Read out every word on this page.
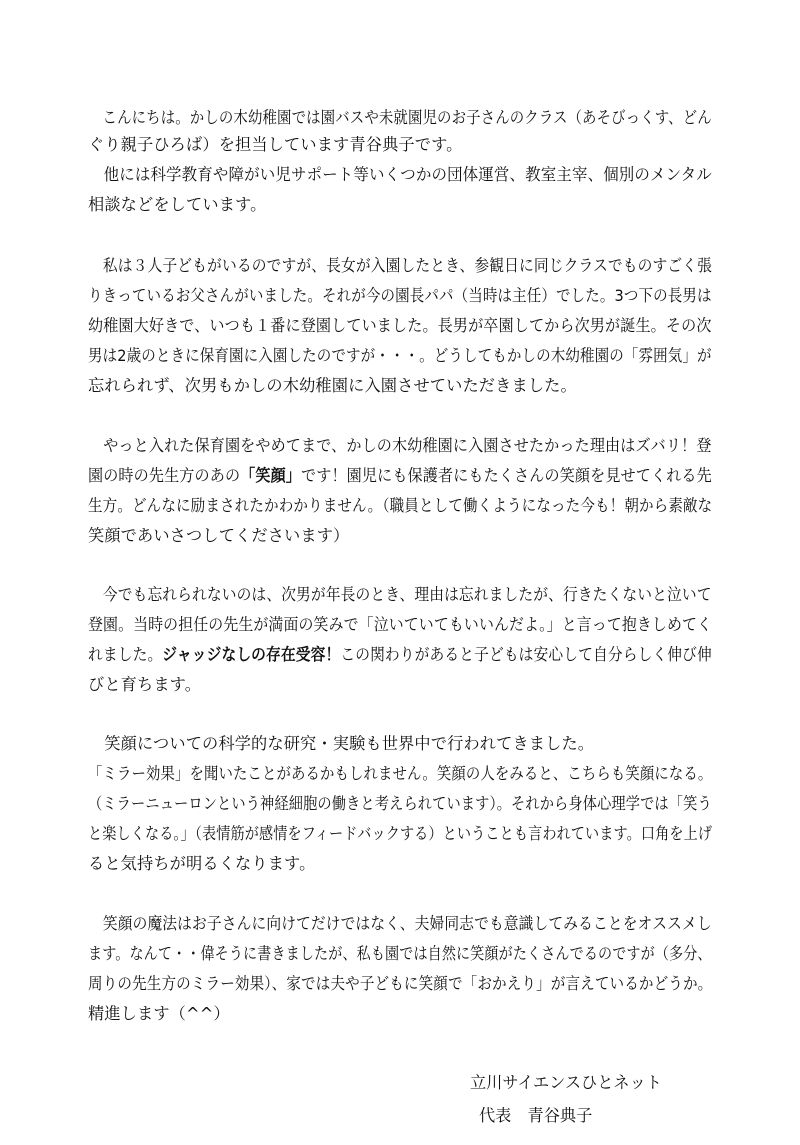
　こんにちは。かしの木幼稚園では園バスや未就園児のお子さんのクラス（あそびっくす、どん
ぐり親子ひろば）を担当しています青谷典子です。
　他には科学教育や障がい児サポート等いくつかの団体運営、教室主宰、個別のメンタル
相談などをしています。
　私は３人子どもがいるのですが、長女が入園したとき、参観日に同じクラスでものすごく張
りきっているお父さんがいました。それが今の園長パパ（当時は主任）でした。3つ下の長男は
幼稚園大好きで、いつも１番に登園していました。長男が卒園してから次男が誕生。その次
男は2歳のときに保育園に入園したのですが・・・。どうしてもかしの木幼稚園の「雰囲気」が
忘れられず、次男もかしの木幼稚園に入園させていただきました。
　やっと入れた保育園をやめてまで、かしの木幼稚園に入園させたかった理由はズバリ！登
園の時の先生方のあの「笑顔」です！園児にも保護者にもたくさんの笑顔を見せてくれる先
生方。どんなに励まされたかわかりません。（職員として働くようになった今も！朝から素敵な
笑顔であいさつしてくださいます）
　今でも忘れられないのは、次男が年長のとき、理由は忘れましたが、行きたくないと泣いて
登園。当時の担任の先生が満面の笑みで「泣いていてもいいんだよ。」と言って抱きしめてく
れました。ジャッジなしの存在受容！この関わりがあると子どもは安心して自分らしく伸び伸
びと育ちます。
　笑顔についての科学的な研究・実験も世界中で行われてきました。
「ミラー効果」を聞いたことがあるかもしれません。笑顔の人をみると、こちらも笑顔になる。
（ミラーニューロンという神経細胞の働きと考えられています）。それから身体心理学では「笑う
と楽しくなる。」（表情筋が感情をフィードバックする）ということも言われています。口角を上げ
ると気持ちが明るくなります。
　笑顔の魔法はお子さんに向けてだけではなく、夫婦同志でも意識してみることをオススメし
ます。なんて・・偉そうに書きましたが、私も園では自然に笑顔がたくさんでるのですが（多分、
周りの先生方のミラー効果）、家では夫や子どもに笑顔で「おかえり」が言えているかどうか。
精進します（^^）
立川サイエンスひとネット
代表　青谷典子
